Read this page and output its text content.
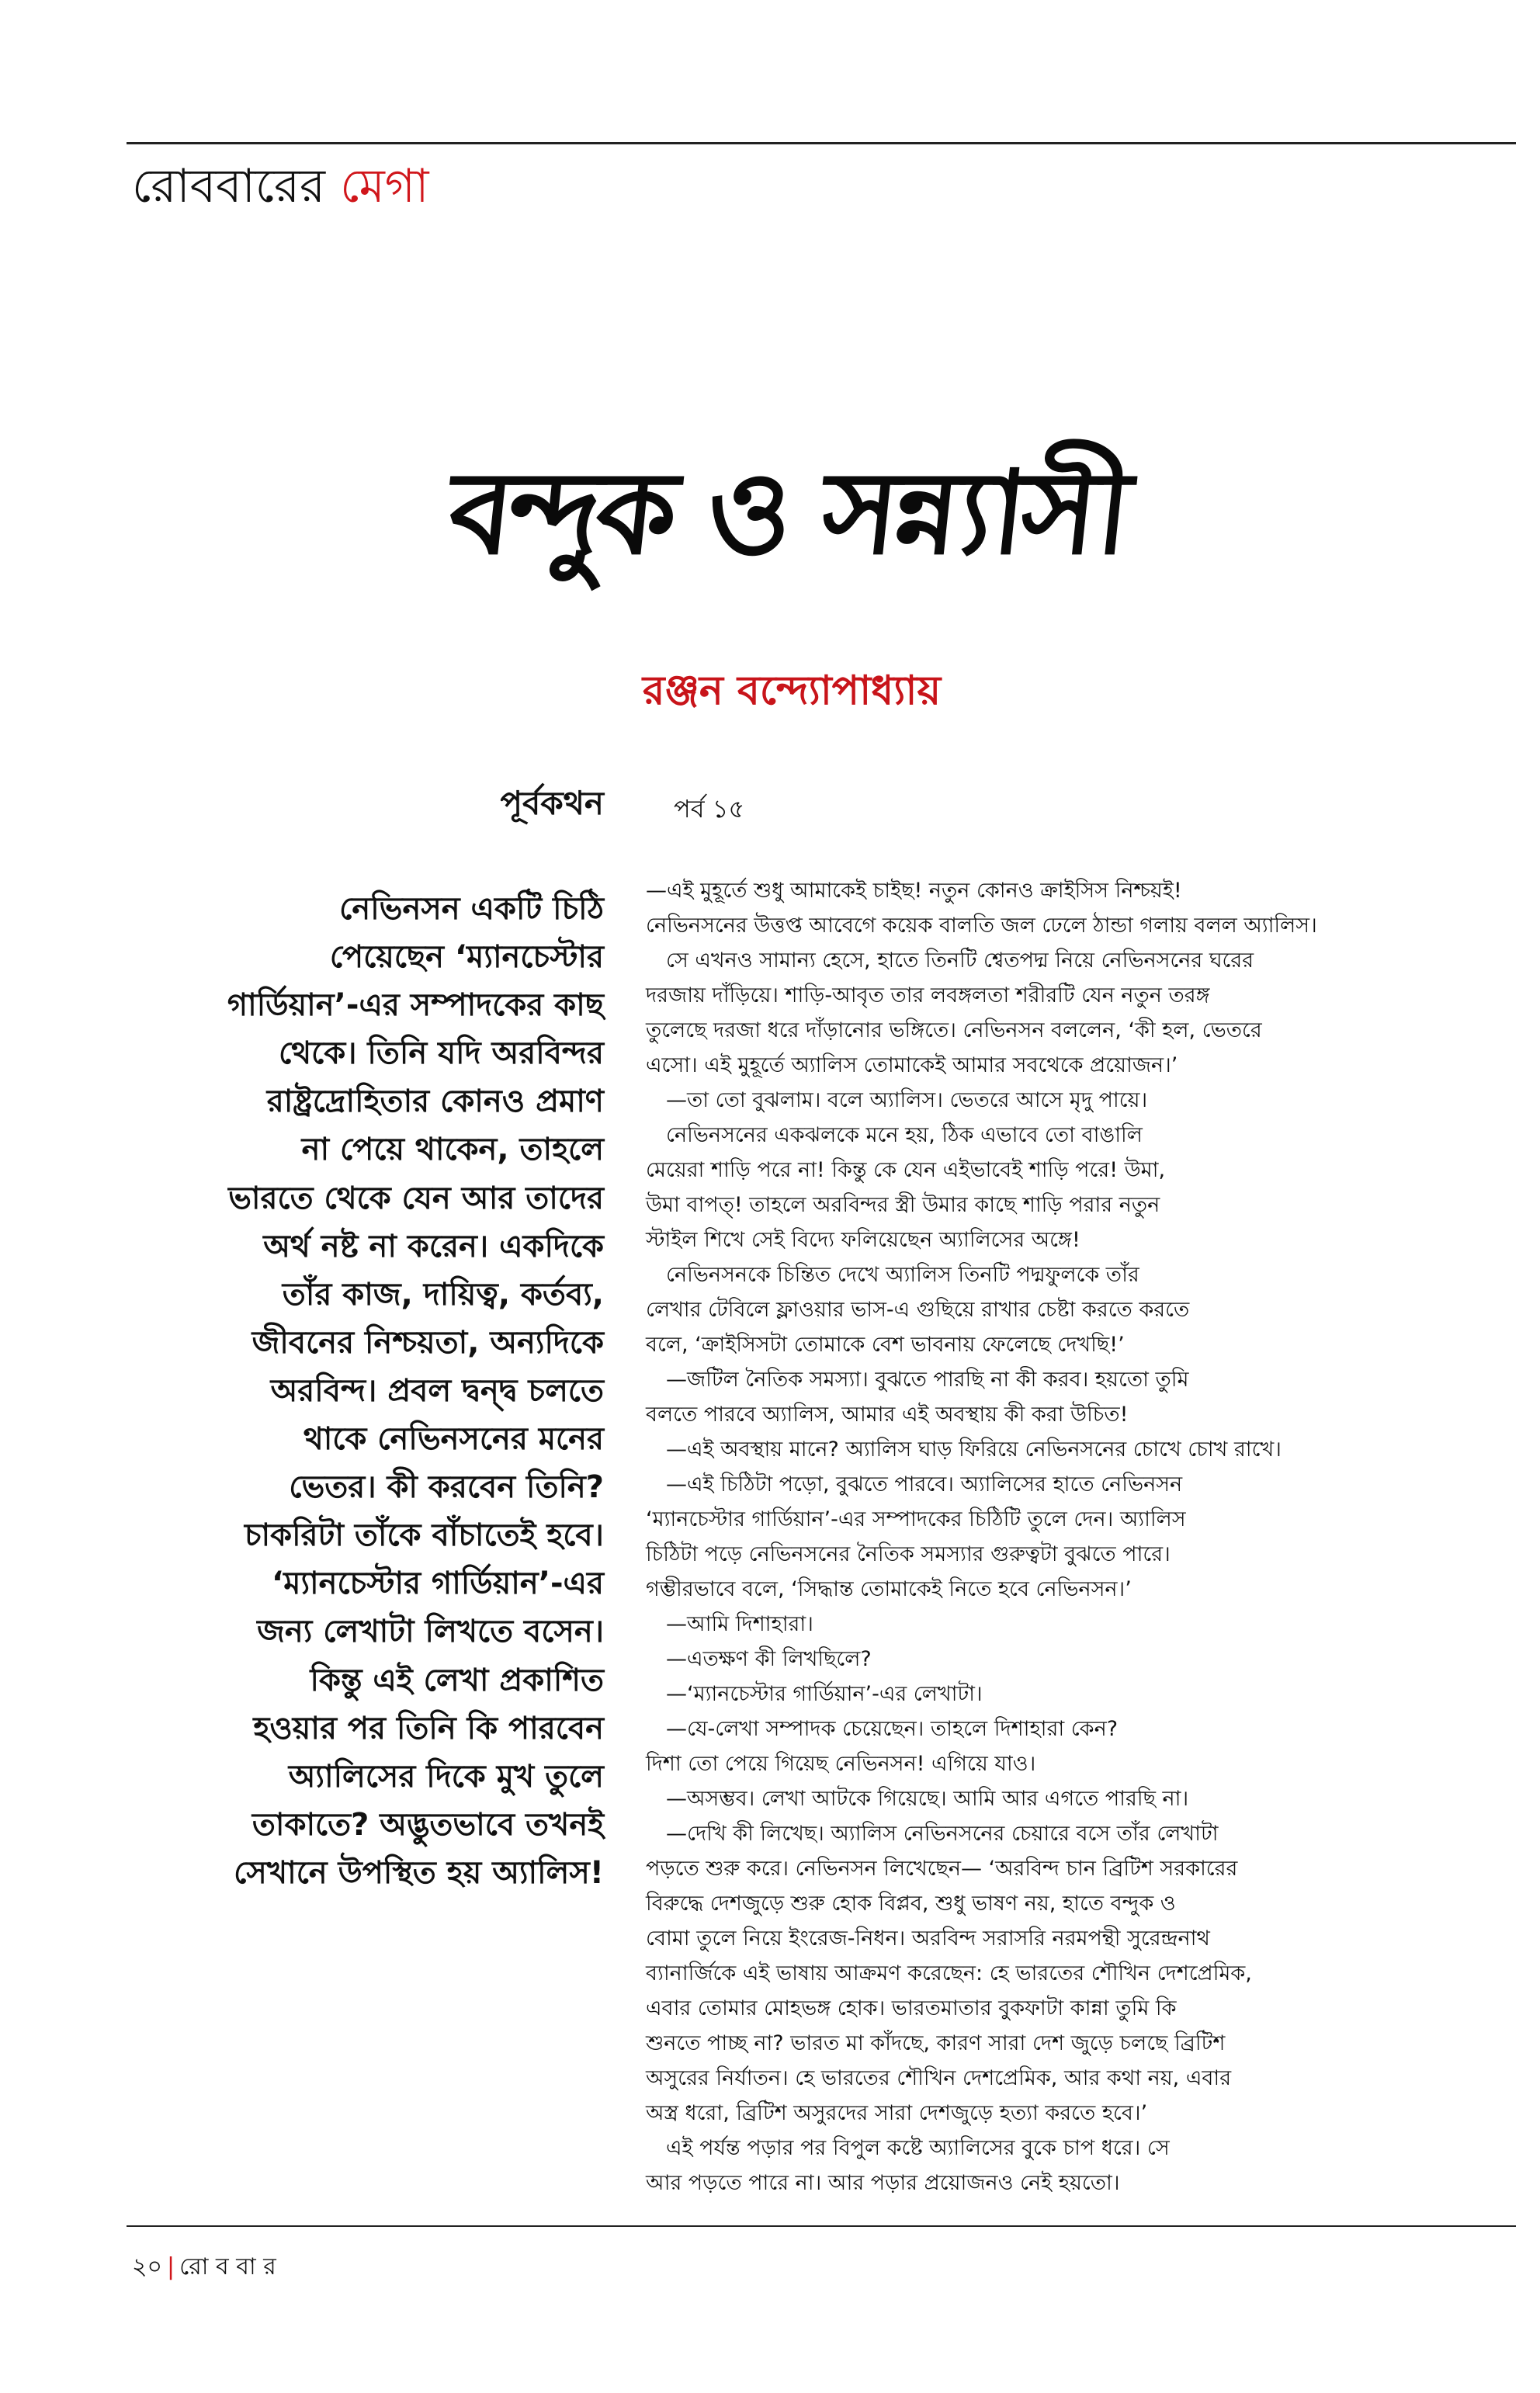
রোববারের মেগা
বন্দুক ও সন্ন্যাসী
রঞ্জন বন্দ্যোপাধ্যায়
পূর্বকথন	পর্ব ১৫

নেভিনসন একটি চিঠি
পেয়েছেন ‘ম্যানচেস্টার
গার্ডিয়ান’-এর সম্পাদকের কাছ
থেকে। তিনি যদি অরবিন্দর
রাষ্ট্রদ্রোহিতার কোনও প্রমাণ
না পেয়ে থাকেন, তাহলে
ভারতে থেকে যেন আর তাদের
অর্থ নষ্ট না করেন। একদিকে
তাঁর কাজ, দায়িত্ব, কর্তব্য,
জীবনের নিশ্চয়তা, অন্যদিকে
অরবিন্দ। প্রবল দ্বন্দ্ব চলতে
থাকে নেভিনসনের মনের
ভেতর। কী করবেন তিনি?
চাকরিটা তাঁকে বাঁচাতেই হবে।
‘ম্যানচেস্টার গার্ডিয়ান’-এর
জন্য লেখাটা লিখতে বসেন।
কিন্তু এই লেখা প্রকাশিত
হওয়ার পর তিনি কি পারবেন
অ্যালিসের দিকে মুখ তুলে
তাকাতে? অদ্ভুতভাবে তখনই
সেখানে উপস্থিত হয় অ্যালিস!

—এই মুহূর্তে শুধু আমাকেই চাইছ! নতুন কোনও ক্রাইসিস নিশ্চয়ই!
নেভিনসনের উত্তপ্ত আবেগে কয়েক বালতি জল ঢেলে ঠান্ডা গলায় বলল অ্যালিস।
সে এখনও সামান্য হেসে, হাতে তিনটি শ্বেতপদ্ম নিয়ে নেভিনসনের ঘরের
দরজায় দাঁড়িয়ে। শাড়ি-আবৃত তার লবঙ্গলতা শরীরটি যেন নতুন তরঙ্গ
তুলেছে দরজা ধরে দাঁড়ানোর ভঙ্গিতে। নেভিনসন বললেন, ‘কী হল, ভেতরে
এসো। এই মুহূর্তে অ্যালিস তোমাকেই আমার সবথেকে প্রয়োজন।’
—তা তো বুঝলাম। বলে অ্যালিস। ভেতরে আসে মৃদু পায়ে।
নেভিনসনের একঝলকে মনে হয়, ঠিক এভাবে তো বাঙালি
মেয়েরা শাড়ি পরে না! কিন্তু কে যেন এইভাবেই শাড়ি পরে! উমা,
উমা বাপত্! তাহলে অরবিন্দর স্ত্রী উমার কাছে শাড়ি পরার নতুন
স্টাইল শিখে সেই বিদ্যে ফলিয়েছেন অ্যালিসের অঙ্গে!
নেভিনসনকে চিন্তিত দেখে অ্যালিস তিনটি পদ্মফুলকে তাঁর
লেখার টেবিলে ফ্লাওয়ার ভাস-এ গুছিয়ে রাখার চেষ্টা করতে করতে
বলে, ‘ক্রাইসিসটা তোমাকে বেশ ভাবনায় ফেলেছে দেখছি!’
—জটিল নৈতিক সমস্যা। বুঝতে পারছি না কী করব। হয়তো তুমি
বলতে পারবে অ্যালিস, আমার এই অবস্থায় কী করা উচিত!
—এই অবস্থায় মানে? অ্যালিস ঘাড় ফিরিয়ে নেভিনসনের চোখে চোখ রাখে।
—এই চিঠিটা পড়ো, বুঝতে পারবে। অ্যালিসের হাতে নেভিনসন
‘ম্যানচেস্টার গার্ডিয়ান’-এর সম্পাদকের চিঠিটি তুলে দেন। অ্যালিস
চিঠিটা পড়ে নেভিনসনের নৈতিক সমস্যার গুরুত্বটা বুঝতে পারে।
গম্ভীরভাবে বলে, ‘সিদ্ধান্ত তোমাকেই নিতে হবে নেভিনসন।’
—আমি দিশাহারা।
—এতক্ষণ কী লিখছিলে?
—‘ম্যানচেস্টার গার্ডিয়ান’-এর লেখাটা।
—যে-লেখা সম্পাদক চেয়েছেন। তাহলে দিশাহারা কেন?
দিশা তো পেয়ে গিয়েছ নেভিনসন! এগিয়ে যাও।
—অসম্ভব। লেখা আটকে গিয়েছে। আমি আর এগতে পারছি না।
—দেখি কী লিখেছ। অ্যালিস নেভিনসনের চেয়ারে বসে তাঁর লেখাটা
পড়তে শুরু করে। নেভিনসন লিখেছেন— ‘অরবিন্দ চান ব্রিটিশ সরকারের
বিরুদ্ধে দেশজুড়ে শুরু হোক বিপ্লব, শুধু ভাষণ নয়, হাতে বন্দুক ও
বোমা তুলে নিয়ে ইংরেজ-নিধন। অরবিন্দ সরাসরি নরমপন্থী সুরেন্দ্রনাথ
ব্যানার্জিকে এই ভাষায় আক্রমণ করেছেন: হে ভারতের শৌখিন দেশপ্রেমিক,
এবার তোমার মোহভঙ্গ হোক। ভারতমাতার বুকফাটা কান্না তুমি কি
শুনতে পাচ্ছ না? ভারত মা কাঁদছে, কারণ সারা দেশ জুড়ে চলছে ব্রিটিশ
অসুরের নির্যাতন। হে ভারতের শৌখিন দেশপ্রেমিক, আর কথা নয়, এবার
অস্ত্র ধরো, ব্রিটিশ অসুরদের সারা দেশজুড়ে হত্যা করতে হবে।’
এই পর্যন্ত পড়ার পর বিপুল কষ্টে অ্যালিসের বুকে চাপ ধরে। সে
আর পড়তে পারে না। আর পড়ার প্রয়োজনও নেই হয়তো।
২০ | রো ব বা র
